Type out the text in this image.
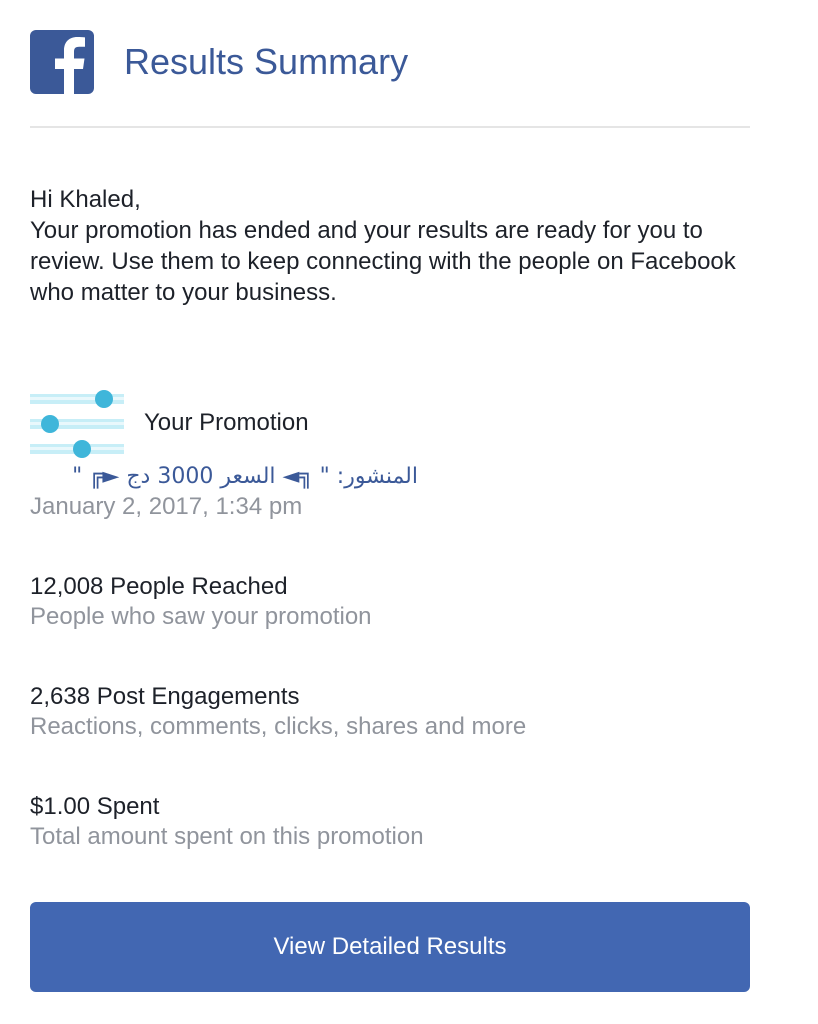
Results Summary

Hi Khaled,

Your promotion has ended and your results are ready for you to review. Use them to keep connecting with the people on Facebook who matter to your business.

Your Promotion
المنشور: " ╗◄ السعر 3000 دج ►╔ "
January 2, 2017, 1:34 pm
12,008 People Reached
People who saw your promotion
2,638 Post Engagements
Reactions, comments, clicks, shares and more
$1.00 Spent
Total amount spent on this promotion
View Detailed Results
